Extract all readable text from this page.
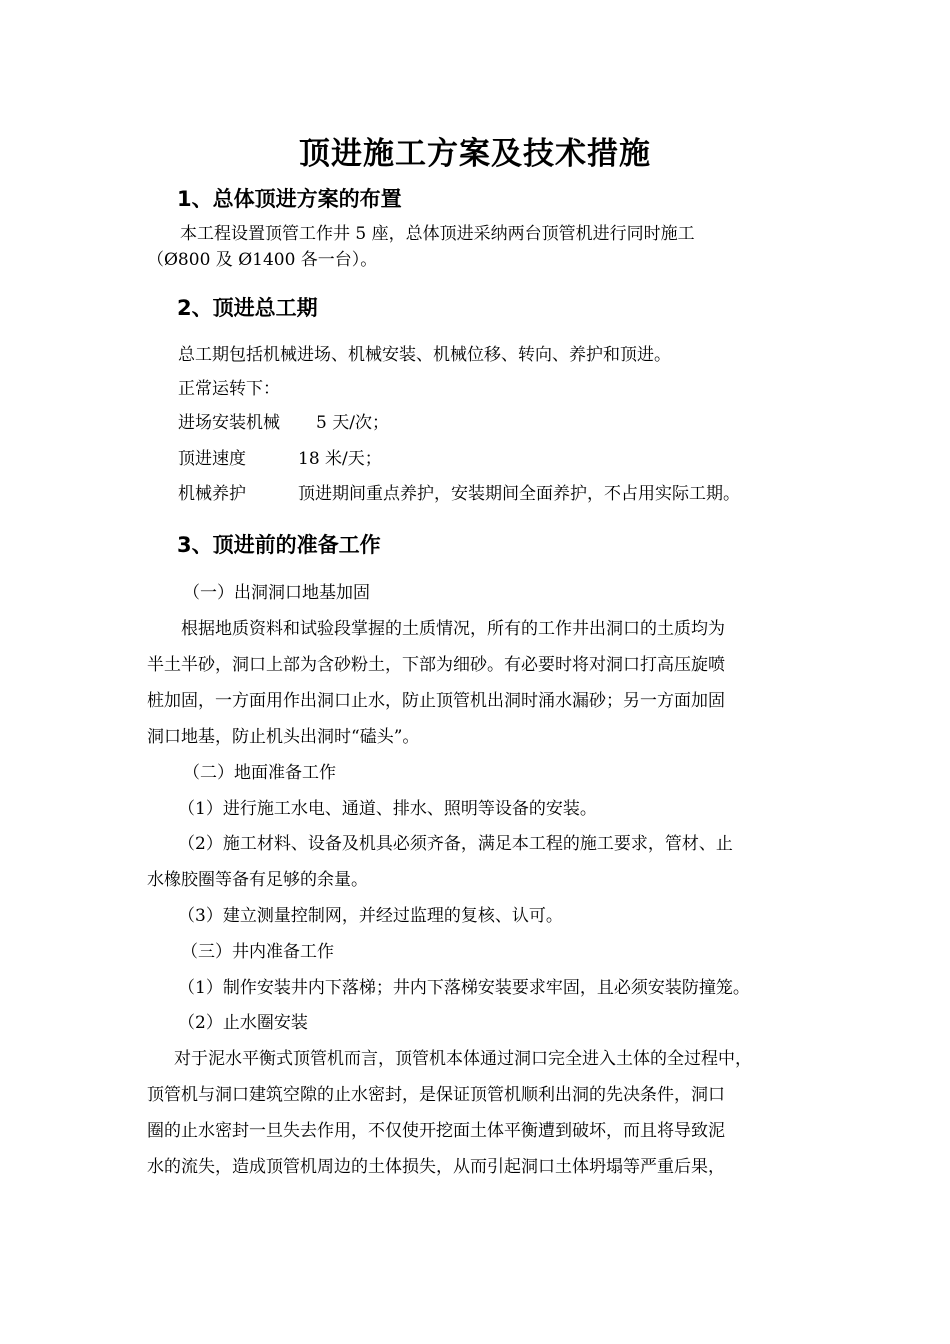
顶进施工方案及技术措施
1、总体顶进方案的布置
本工程设置顶管工作井 5 座，总体顶进采纳两台顶管机进行同时施工
（Ø800 及 Ø1400 各一台）。
2、顶进总工期
总工期包括机械进场、机械安装、机械位移、转向、养护和顶进。
正常运转下：
进场安装机械 5 天/次；
顶进速度	18 米/天；
机械养护	顶进期间重点养护，安装期间全面养护，不占用实际工期。
3、顶进前的准备工作
（一）出洞洞口地基加固
根据地质资料和试验段掌握的土质情况，所有的工作井出洞口的土质均为
半土半砂，洞口上部为含砂粉土，下部为细砂。有必要时将对洞口打高压旋喷
桩加固，一方面用作出洞口止水，防止顶管机出洞时涌水漏砂；另一方面加固
洞口地基，防止机头出洞时“磕头”。
（二）地面准备工作
（1）进行施工水电、通道、排水、照明等设备的安装。
（2）施工材料、设备及机具必须齐备，满足本工程的施工要求，管材、止
水橡胶圈等备有足够的余量。
（3）建立测量控制网，并经过监理的复核、认可。
（三）井内准备工作
（1）制作安装井内下落梯；井内下落梯安装要求牢固，且必须安装防撞笼。
（2）止水圈安装
对于泥水平衡式顶管机而言，顶管机本体通过洞口完全进入土体的全过程中，
顶管机与洞口建筑空隙的止水密封，是保证顶管机顺利出洞的先决条件，洞口
圈的止水密封一旦失去作用，不仅使开挖面土体平衡遭到破坏，而且将导致泥
水的流失，造成顶管机周边的土体损失，从而引起洞口土体坍塌等严重后果，
